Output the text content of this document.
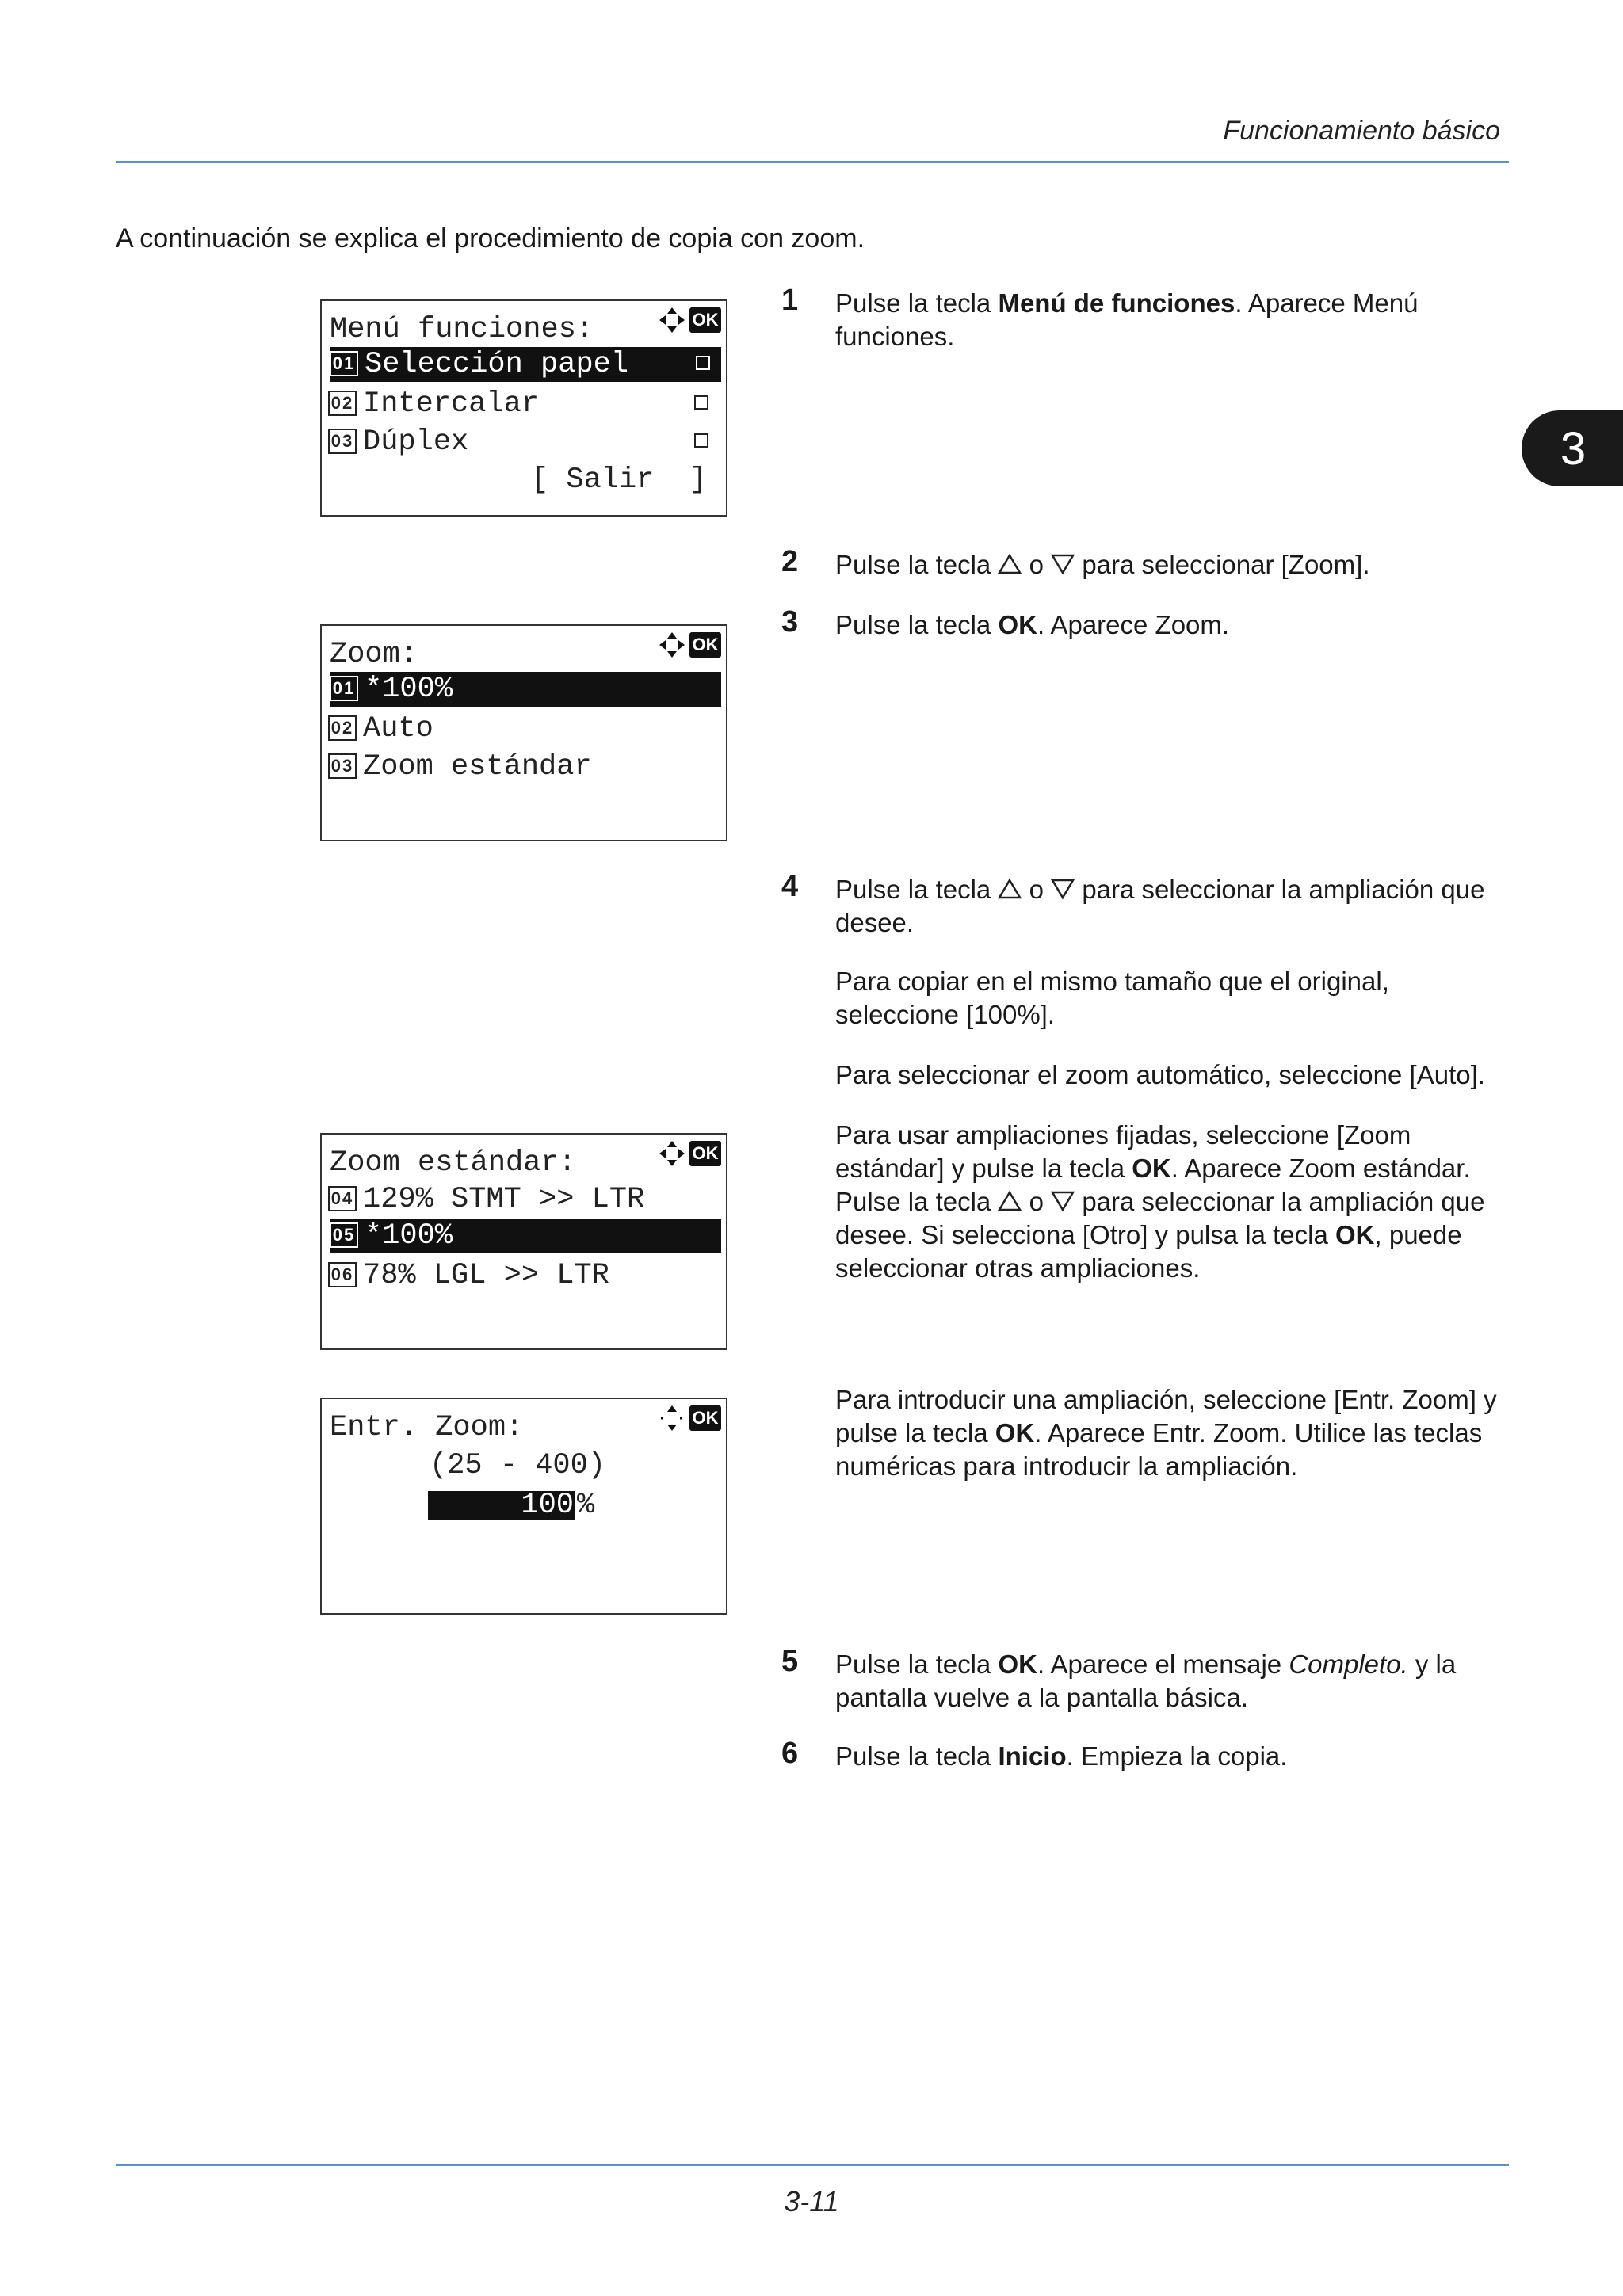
Funcionamiento básico
A continuación se explica el procedimiento de copia con zoom.
3
Menú funciones:	OK
01 Selección papel
02 Intercalar
03 Dúplex
[ Salir  ]
Zoom:	OK
01 *100%
02 Auto
03 Zoom estándar
Zoom estándar:	OK
04 129% STMT >> LTR
05 *100%
06 78% LGL >> LTR
Entr. Zoom:	OK
(25 - 400)
100 %
1 Pulse la tecla Menú de funciones. Aparece Menú funciones.

2 Pulse la tecla  o  para seleccionar [Zoom].

3 Pulse la tecla OK. Aparece Zoom.

4 Pulse la tecla  o  para seleccionar la ampliación que desee.

Para copiar en el mismo tamaño que el original, seleccione [100%].

Para seleccionar el zoom automático, seleccione [Auto].

Para usar ampliaciones fijadas, seleccione [Zoom estándar] y pulse la tecla OK. Aparece Zoom estándar. Pulse la tecla  o  para seleccionar la ampliación que desee. Si selecciona [Otro] y pulsa la tecla OK, puede seleccionar otras ampliaciones.

Para introducir una ampliación, seleccione [Entr. Zoom] y pulse la tecla OK. Aparece Entr. Zoom. Utilice las teclas numéricas para introducir la ampliación.

5 Pulse la tecla OK. Aparece el mensaje Completo. y la pantalla vuelve a la pantalla básica.

6 Pulse la tecla Inicio. Empieza la copia.

3-11
